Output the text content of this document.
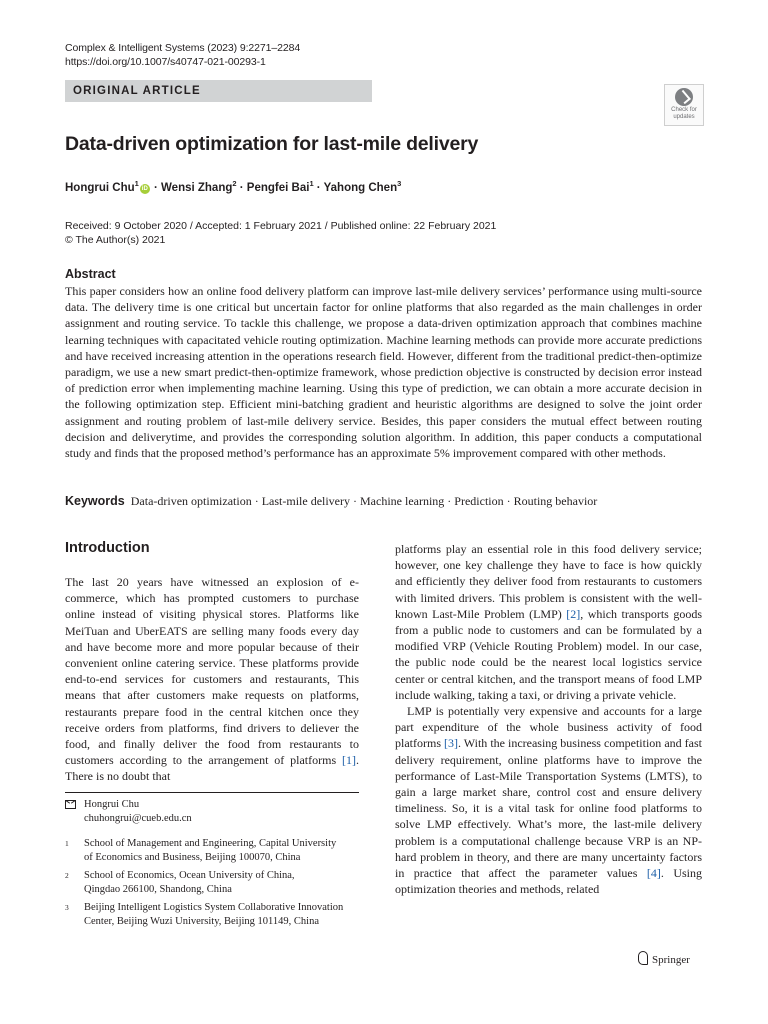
Complex & Intelligent Systems (2023) 9:2271–2284
https://doi.org/10.1007/s40747-021-00293-1
ORIGINAL ARTICLE
Check for
updates
Data-driven optimization for last-mile delivery
Hongrui Chu$^1$iD · Wensi Zhang$^2$ · Pengfei Bai$^1$ · Yahong Chen$^3$
Received: 9 October 2020 / Accepted: 1 February 2021 / Published online: 22 February 2021
© The Author(s) 2021
Abstract
This paper considers how an online food delivery platform can improve last-mile delivery services’ performance using multi-source data. The delivery time is one critical but uncertain factor for online platforms that also regarded as the main challenges in order assignment and routing service. To tackle this challenge, we propose a data-driven optimization approach that combines machine learning techniques with capacitated vehicle routing optimization. Machine learning methods can provide more accurate predictions and have received increasing attention in the operations research field. However, different from the traditional predict-then-optimize paradigm, we use a new smart predict-then-optimize framework, whose prediction objective is constructed by decision error instead of prediction error when implementing machine learning. Using this type of prediction, we can obtain a more accurate decision in the following optimization step. Efficient mini-batching gradient and heuristic algorithms are designed to solve the joint order assignment and routing problem of last-mile delivery service. Besides, this paper considers the mutual effect between routing decision and deliverytime, and provides the corresponding solution algorithm. In addition, this paper conducts a computational study and finds that the proposed method’s performance has an approximate 5% improvement compared with other methods.
Keywords Data-driven optimization · Last-mile delivery · Machine learning · Prediction · Routing behavior
Introduction

The last 20 years have witnessed an explosion of e-commerce, which has prompted customers to purchase online instead of visiting physical stores. Platforms like MeiTuan and UberEATS are selling many foods every day and have become more and more popular because of their convenient online catering service. These platforms provide end-to-end services for customers and restaurants, This means that after customers make requests on platforms, restaurants prepare food in the central kitchen once they receive orders from platforms, find drivers to deliever the food, and finally deliver the food from restaurants to customers according to the arrangement of platforms [1]. There is no doubt that

platforms play an essential role in this food delivery service; however, one key challenge they have to face is how quickly and efficiently they deliver food from restaurants to customers with limited drivers. This problem is consistent with the well-known Last-Mile Problem (LMP) [2], which transports goods from a public node to customers and can be formulated by a modified VRP (Vehicle Routing Problem) model. In our case, the public node could be the nearest local logistics service center or central kitchen, and the transport means of food LMP include walking, taking a taxi, or driving a private vehicle.

LMP is potentially very expensive and accounts for a large part expenditure of the whole business activity of food platforms [3]. With the increasing business competition and fast delivery requirement, online platforms have to improve the performance of Last-Mile Transportation Systems (LMTS), to gain a large market share, control cost and ensure delivery timeliness. So, it is a vital task for online food platforms to solve LMP effectively. What’s more, the last-mile delivery problem is a computational challenge because VRP is an NP-hard problem in theory, and there are many uncertainty factors in practice that affect the parameter values [4]. Using optimization theories and methods, related

Hongrui Chu
chuhongrui@cueb.edu.cn
1 School of Management and Engineering, Capital University
of Economics and Business, Beijing 100070, China
2 School of Economics, Ocean University of China,
Qingdao 266100, Shandong, China
3 Beijing Intelligent Logistics System Collaborative Innovation
Center, Beijing Wuzi University, Beijing 101149, China
Springer
